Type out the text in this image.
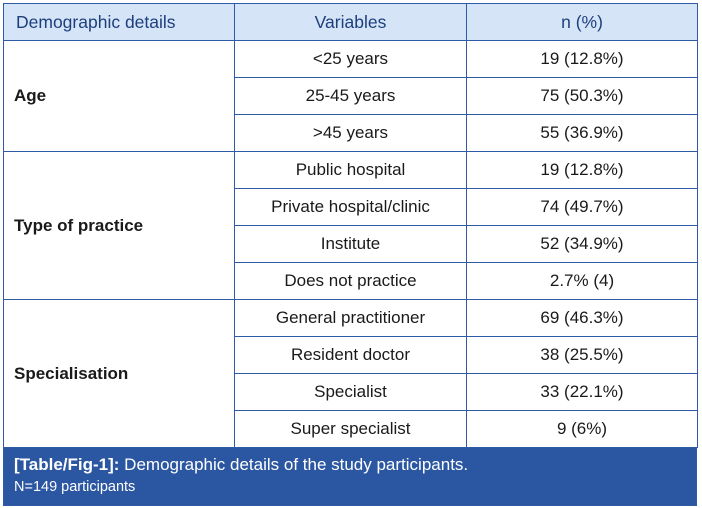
Demographic details	Variables	n (%)
Age	<25 years	19 (12.8%)
	25-45 years	75 (50.3%)
	>45 years	55 (36.9%)
Type of practice	Public hospital	19 (12.8%)
	Private hospital/clinic	74 (49.7%)
	Institute	52 (34.9%)
	Does not practice	2.7% (4)
Specialisation	General practitioner	69 (46.3%)
	Resident doctor	38 (25.5%)
	Specialist	33 (22.1%)
	Super specialist	9 (6%)
[Table/Fig-1]: Demographic details of the study participants.
N=149 participants
